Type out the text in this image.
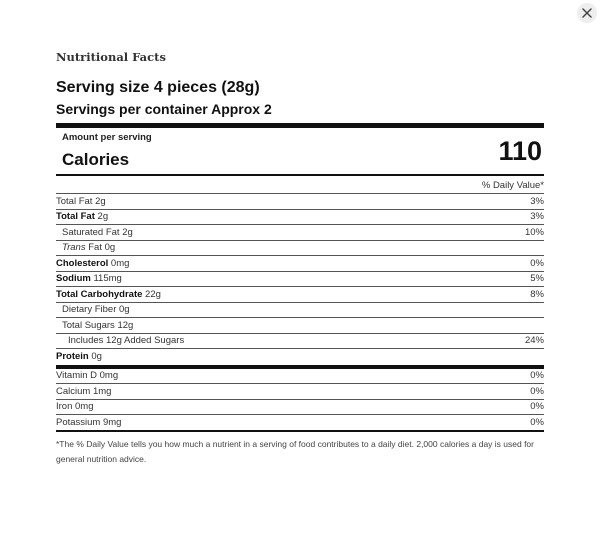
Nutritional Facts
Serving size 4 pieces (28g)
Servings per container Approx 2
Amount per serving
Calories	110
% Daily Value*
Total Fat 2g	3%
Total Fat 2g	3%
Saturated Fat 2g	10%
Trans Fat 0g
Cholesterol 0mg	0%
Sodium 115mg	5%
Total Carbohydrate 22g	8%
Dietary Fiber 0g
Total Sugars 12g
Includes 12g Added Sugars	24%
Protein 0g
Vitamin D 0mg	0%
Calcium 1mg	0%
Iron 0mg	0%
Potassium 9mg	0%
*The % Daily Value tells you how much a nutrient in a serving of food contributes to a daily diet. 2,000 calories a day is used for general nutrition advice.
